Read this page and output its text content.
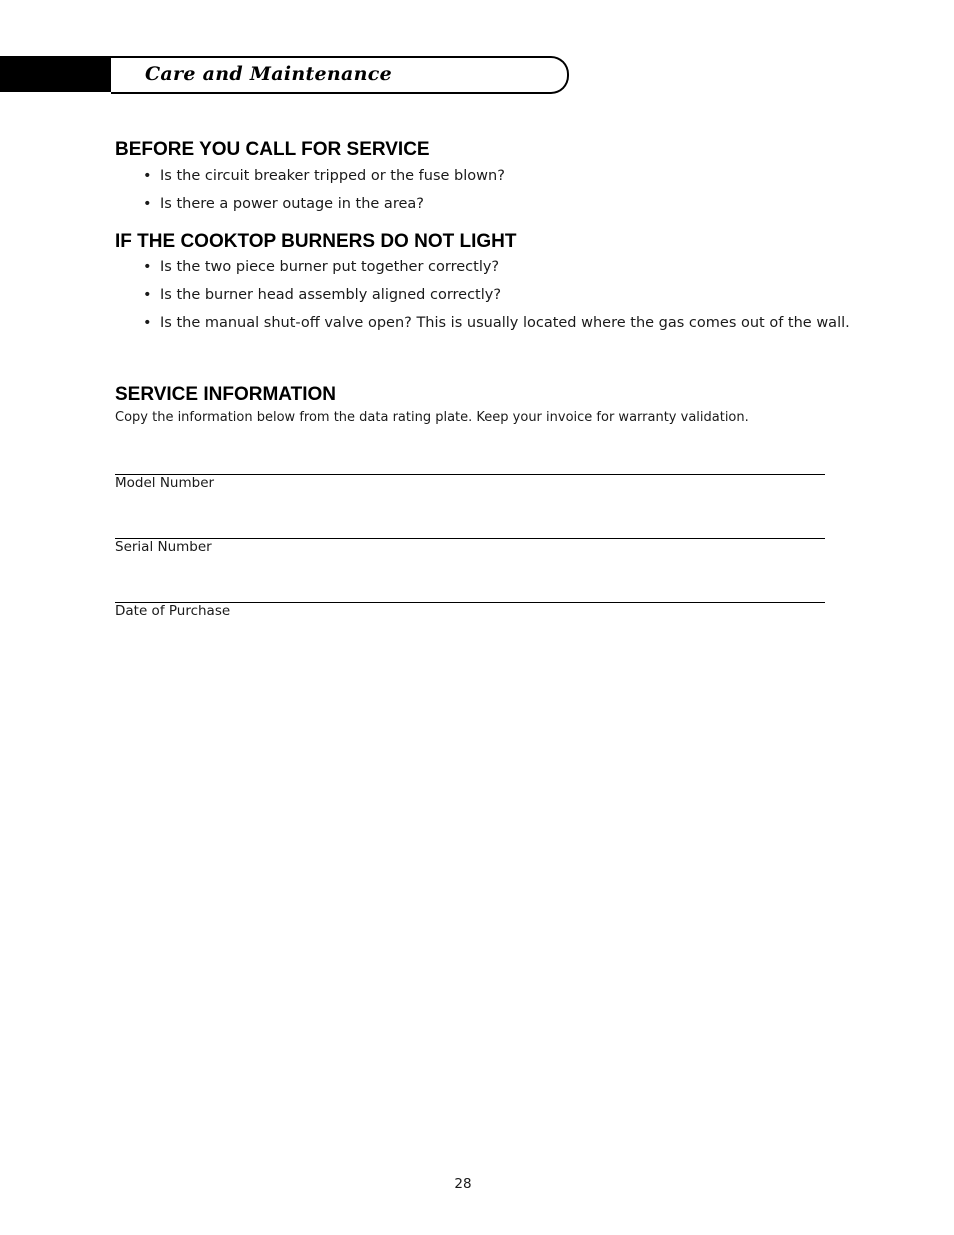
Care and Maintenance
BEFORE YOU CALL FOR SERVICE
• Is the circuit breaker tripped or the fuse blown?
• Is there a power outage in the area?
IF THE COOKTOP BURNERS DO NOT LIGHT
• Is the two piece burner put together correctly?
• Is the burner head assembly aligned correctly?
• Is the manual shut-off valve open? This is usually located where the gas comes out of the wall.
SERVICE INFORMATION
Copy the information below from the data rating plate. Keep your invoice for warranty validation.
Model Number
Serial Number
Date of Purchase
28
